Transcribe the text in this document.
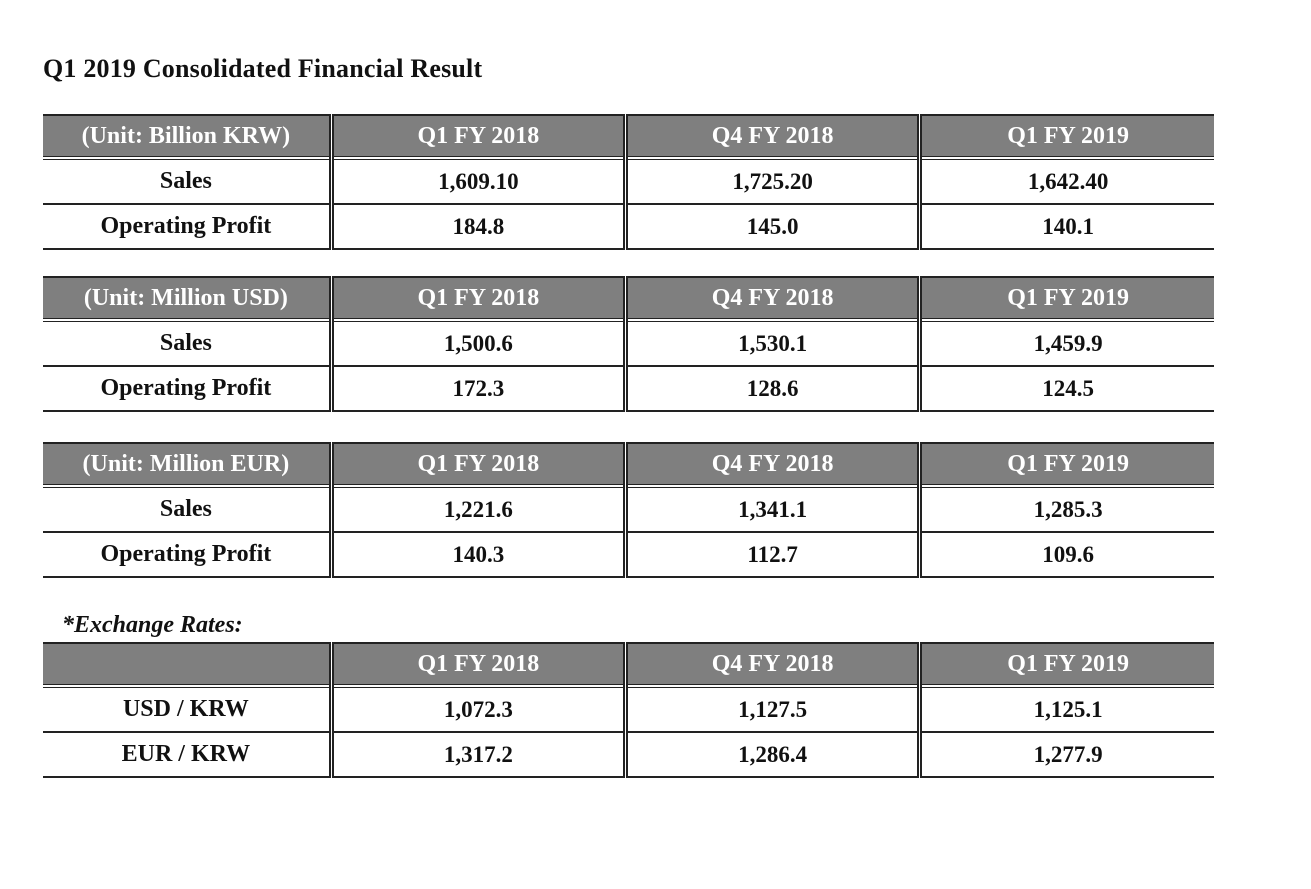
Q1 2019 Consolidated Financial Result
(Unit: Billion KRW)	Q1 FY 2018	Q4 FY 2018	Q1 FY 2019
Sales	1,609.10	1,725.20	1,642.40
Operating Profit	184.8	145.0	140.1
(Unit: Million USD)	Q1 FY 2018	Q4 FY 2018	Q1 FY 2019
Sales	1,500.6	1,530.1	1,459.9
Operating Profit	172.3	128.6	124.5
(Unit: Million EUR)	Q1 FY 2018	Q4 FY 2018	Q1 FY 2019
Sales	1,221.6	1,341.1	1,285.3
Operating Profit	140.3	112.7	109.6
*Exchange Rates:
	Q1 FY 2018	Q4 FY 2018	Q1 FY 2019
USD / KRW	1,072.3	1,127.5	1,125.1
EUR / KRW	1,317.2	1,286.4	1,277.9
